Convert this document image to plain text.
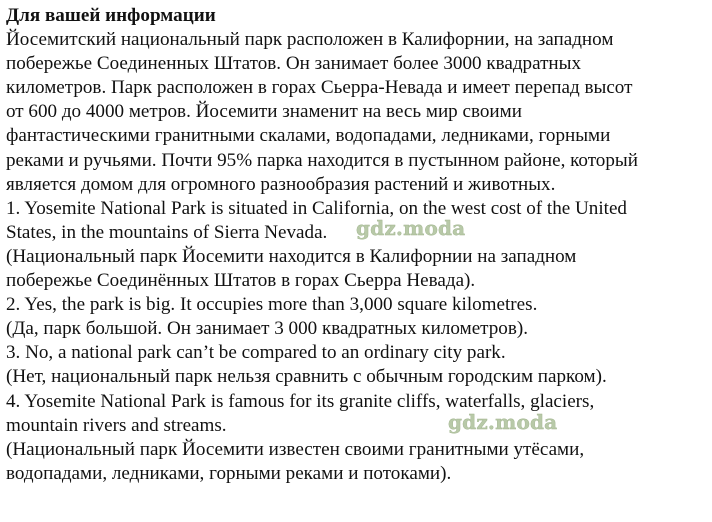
Для вашей информации
Йосемитский национальный парк расположен в Калифорнии, на западном
побережье Соединенных Штатов. Он занимает более 3000 квадратных
километров. Парк расположен в горах Сьерра-Невада и имеет перепад высот
от 600 до 4000 метров. Йосемити знаменит на весь мир своими
фантастическими гранитными скалами, водопадами, ледниками, горными
реками и ручьями. Почти 95% парка находится в пустынном районе, который
является домом для огромного разнообразия растений и животных.
1. Yosemite National Park is situated in California, on the west cost of the United
States, in the mountains of Sierra Nevada.
(Национальный парк Йосемити находится в Калифорнии на западном
побережье Соединённых Штатов в горах Сьерра Невада).
2. Yes, the park is big. It occupies more than 3,000 square kilometres.
(Да, парк большой. Он занимает 3 000 квадратных километров).
3. No, a national park can’t be compared to an ordinary city park.
(Нет, национальный парк нельзя сравнить с обычным городским парком).
4. Yosemite National Park is famous for its granite cliffs, waterfalls, glaciers,
mountain rivers and streams.
(Национальный парк Йосемити известен своими гранитными утёсами,
водопадами, ледниками, горными реками и потоками).
gdz.moda
gdz.moda
